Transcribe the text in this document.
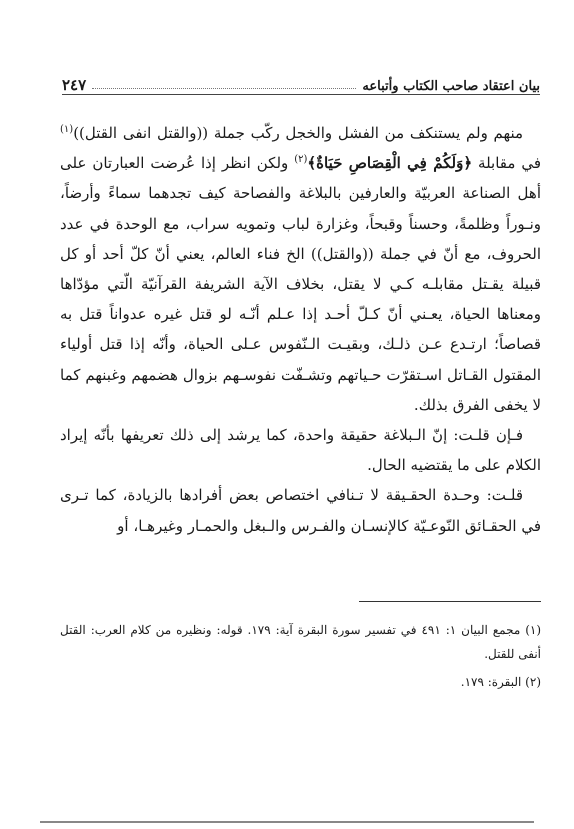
بيان اعتقاد صاحب الكتاب وأتباعه
٢٤٧

منهم ولم يستنكف من الفشل والخجل ركّب جملة ((والقتل انفى القتل))$^{(١)}$ في مقابلة ﴿وَلَكُمْ فِي الْقِصَاصِ حَيَاةٌ﴾$^{(٢)}$ ولكن انظر إذا عُرضت العبارتان على أهل الصناعة العربيّة والعارفين بالبلاغة والفصاحة كيف تجدهما سماءً وأرضاً، ونـوراً وظلمةً، وحسناً وقبحاً، وغزارة لباب وتمويه سراب، مع الوحدة في عدد الحروف، مع أنّ في جملة ((والقتل)) الخ فناء العالم، يعني أنّ كلّ أحد أو كل قبيلة يقـتل مقابلـه كـي لا يقتل، بخلاف الآية الشريفة القرآنيّة الّتي مؤدّاها ومعناها الحياة، يعـني أنّ كـلّ أحـد إذا عـلم أنّـه لو قتل غيره عدواناً قتل به قصاصاً؛ ارتـدع عـن ذلـك، وبقيـت الـنّفوس عـلى الحياة، وأنّه إذا قتل أولياء المقتول القـاتل اسـتقرّت حـياتهم وتشـفّت نفوسـهم بزوال هضمهم وغبنهم كما لا يخفى الفرق بذلك.

فـإن قلـت: إنّ الـبلاغة حقيقة واحدة، كما يرشد إلى ذلك تعريفها بأنّه إيراد الكلام على ما يقتضيه الحال.

قلـت: وحـدة الحقـيقة لا تـنافي اختصاص بعض أفرادها بالزيادة، كما تـرى في الحقـائق النّوعـيّة كالإنسـان والفـرس والـبغل والحمـار وغيرهـا، أو

(١) مجمع البيان ١: ٤٩١ في تفسير سورة البقرة آية: ١٧٩. قوله: ونظيره من كلام العرب: القتل أنفى للقتل.

(٢) البقرة: ١٧٩.
